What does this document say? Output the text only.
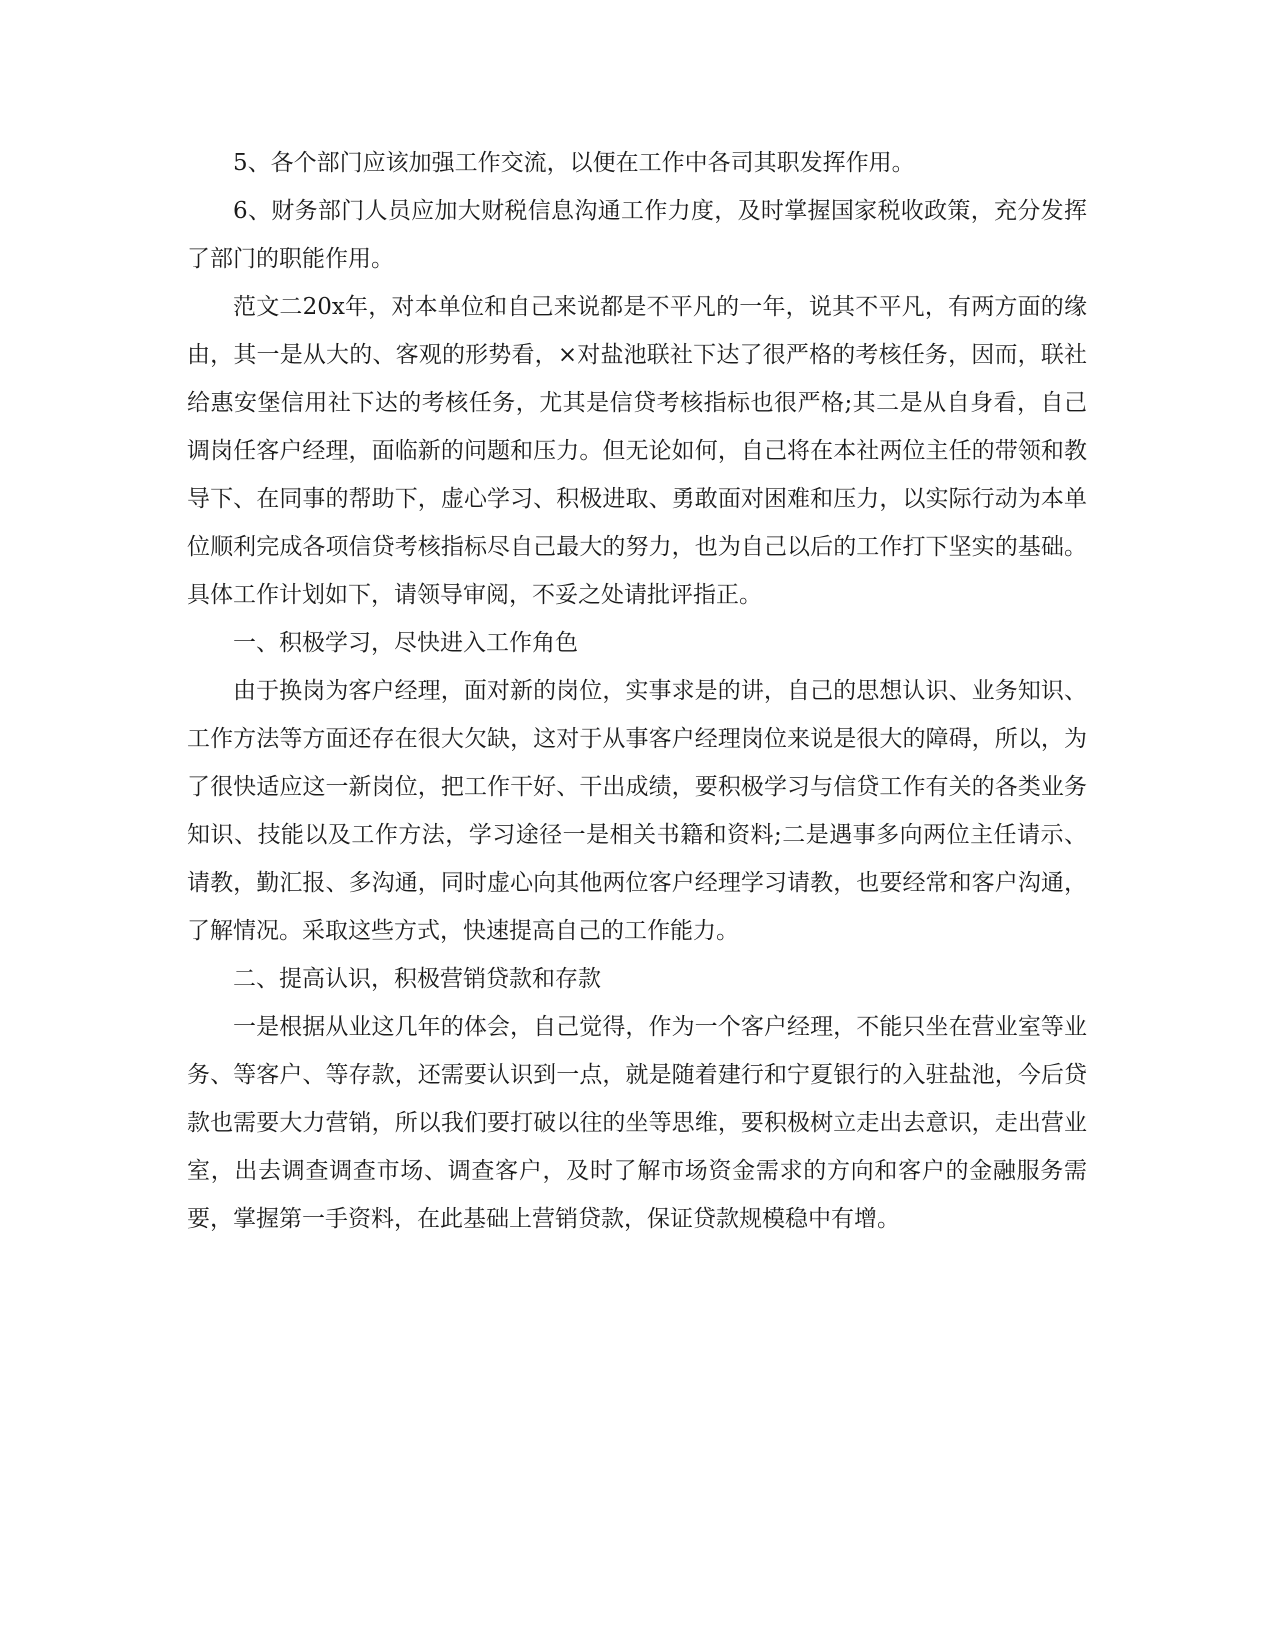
5、各个部门应该加强工作交流，以便在工作中各司其职发挥作用。

6、财务部门人员应加大财税信息沟通工作力度，及时掌握国家税收政策，充分发挥了部门的职能作用。

范文二20x年，对本单位和自己来说都是不平凡的一年，说其不平凡，有两方面的缘由，其一是从大的、客观的形势看，×对盐池联社下达了很严格的考核任务，因而，联社给惠安堡信用社下达的考核任务，尤其是信贷考核指标也很严格;其二是从自身看，自己调岗任客户经理，面临新的问题和压力。但无论如何，自己将在本社两位主任的带领和教导下、在同事的帮助下，虚心学习、积极进取、勇敢面对困难和压力，以实际行动为本单位顺利完成各项信贷考核指标尽自己最大的努力，也为自己以后的工作打下坚实的基础。具体工作计划如下，请领导审阅，不妥之处请批评指正。

一、积极学习，尽快进入工作角色

由于换岗为客户经理，面对新的岗位，实事求是的讲，自己的思想认识、业务知识、工作方法等方面还存在很大欠缺，这对于从事客户经理岗位来说是很大的障碍，所以，为了很快适应这一新岗位，把工作干好、干出成绩，要积极学习与信贷工作有关的各类业务知识、技能以及工作方法，学习途径一是相关书籍和资料;二是遇事多向两位主任请示、请教，勤汇报、多沟通，同时虚心向其他两位客户经理学习请教，也要经常和客户沟通，了解情况。采取这些方式，快速提高自己的工作能力。

二、提高认识，积极营销贷款和存款

一是根据从业这几年的体会，自己觉得，作为一个客户经理，不能只坐在营业室等业务、等客户、等存款，还需要认识到一点，就是随着建行和宁夏银行的入驻盐池，今后贷款也需要大力营销，所以我们要打破以往的坐等思维，要积极树立走出去意识，走出营业室，出去调查调查市场、调查客户，及时了解市场资金需求的方向和客户的金融服务需要，掌握第一手资料，在此基础上营销贷款，保证贷款规模稳中有增。
